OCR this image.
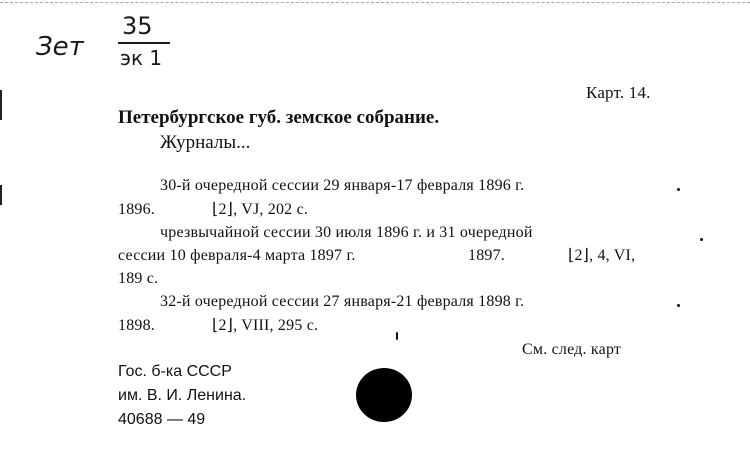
Зет
35
эк 1
Карт. 14.
Петербургское губ. земское собрание.
Журналы...
30-й очередной сессии 29 января-17 февраля 1896 г.
1896.	⌊2⌋, VJ, 202 с.
чрезвычайной сессии 30 июля 1896 г. и 31 очередной
сессии 10 февраля-4 марта 1897 г.	1897.	⌊2⌋, 4, VI,
189 с.
32-й очередной сессии 27 января-21 февраля 1898 г.
1898.	⌊2⌋, VIII, 295 с.
См. след. карт
Гос. б-ка СССР
им. В. И. Ленина.
40688 — 49
